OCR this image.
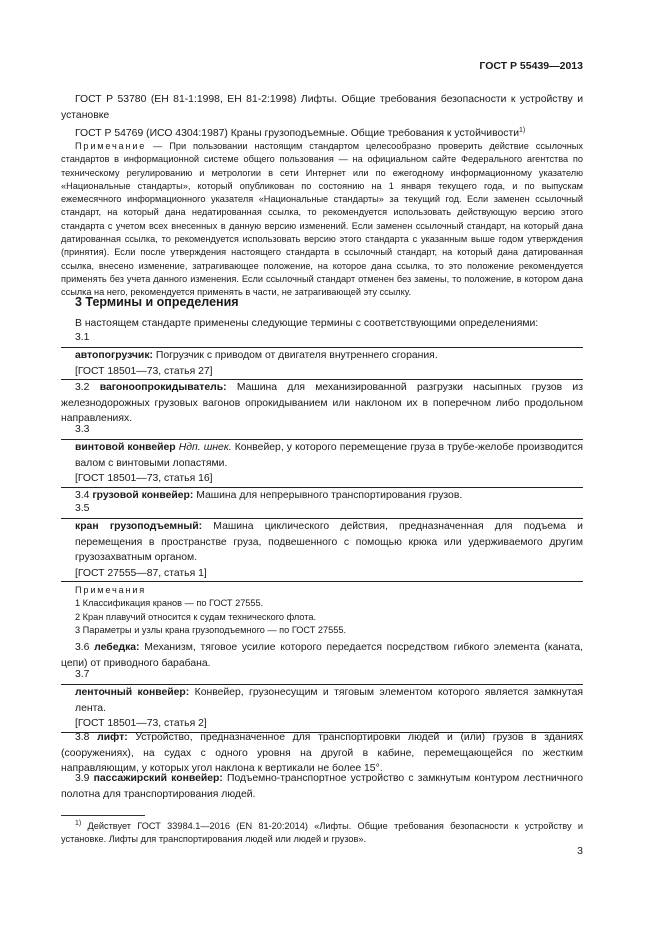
ГОСТ Р 55439—2013
ГОСТ Р 53780 (ЕН 81-1:1998, ЕН 81-2:1998) Лифты. Общие требования безопасности к устройству и установке
ГОСТ Р 54769 (ИСО 4304:1987) Краны грузоподъемные. Общие требования к устойчивости$^{1)}$
Примечание — При пользовании настоящим стандартом целесообразно проверить действие ссылочных стандартов в информационной системе общего пользования — на официальном сайте Федерального агентства по техническому регулированию и метрологии в сети Интернет или по ежегодному информационному указателю «Национальные стандарты», который опубликован по состоянию на 1 января текущего года, и по выпускам ежемесячного информационного указателя «Национальные стандарты» за текущий год. Если заменен ссылочный стандарт, на который дана недатированная ссылка, то рекомендуется использовать действующую версию этого стандарта с учетом всех внесенных в данную версию изменений. Если заменен ссылочный стандарт, на который дана датированная ссылка, то рекомендуется использовать версию этого стандарта с указанным выше годом утверждения (принятия). Если после утверждения настоящего стандарта в ссылочный стандарт, на который дана датированная ссылка, внесено изменение, затрагивающее положение, на которое дана ссылка, то это положение рекомендуется применять без учета данного изменения. Если ссылочный стандарт отменен без замены, то положение, в котором дана ссылка на него, рекомендуется применять в части, не затрагивающей эту ссылку.
3 Термины и определения
В настоящем стандарте применены следующие термины с соответствующими определениями:
3.1
автопогрузчик: Погрузчик с приводом от двигателя внутреннего сгорания.
[ГОСТ 18501—73, статья 27]
3.2 вагоноопрокидыватель: Машина для механизированной разгрузки насыпных грузов из железнодорожных грузовых вагонов опрокидыванием или наклоном их в поперечном либо продольном направлениях.
3.3
винтовой конвейер Ндп. шнек. Конвейер, у которого перемещение груза в трубе-желобе производится валом с винтовыми лопастями.
[ГОСТ 18501—73, статья 16]
3.4 грузовой конвейер: Машина для непрерывного транспортирования грузов.
3.5
кран грузоподъемный: Машина циклического действия, предназначенная для подъема и перемещения в пространстве груза, подвешенного с помощью крюка или удерживаемого другим грузозахватным органом.
[ГОСТ 27555—87, статья 1]
Примечания
1 Классификация кранов — по ГОСТ 27555.
2 Кран плавучий относится к судам технического флота.
3 Параметры и узлы крана грузоподъемного — по ГОСТ 27555.
3.6 лебедка: Механизм, тяговое усилие которого передается посредством гибкого элемента (каната, цепи) от приводного барабана.
3.7
ленточный конвейер: Конвейер, грузонесущим и тяговым элементом которого является замкнутая лента.
[ГОСТ 18501—73, статья 2]
3.8 лифт: Устройство, предназначенное для транспортировки людей и (или) грузов в зданиях (сооружениях), на судах с одного уровня на другой в кабине, перемещающейся по жестким направляющим, у которых угол наклона к вертикали не более 15°.
3.9 пассажирский конвейер: Подъемно-транспортное устройство с замкнутым контуром лестничного полотна для транспортирования людей.
$^{1)}$ Действует ГОСТ 33984.1—2016 (EN 81-20:2014) «Лифты. Общие требования безопасности к устройству и установке. Лифты для транспортирования людей или людей и грузов».
3
